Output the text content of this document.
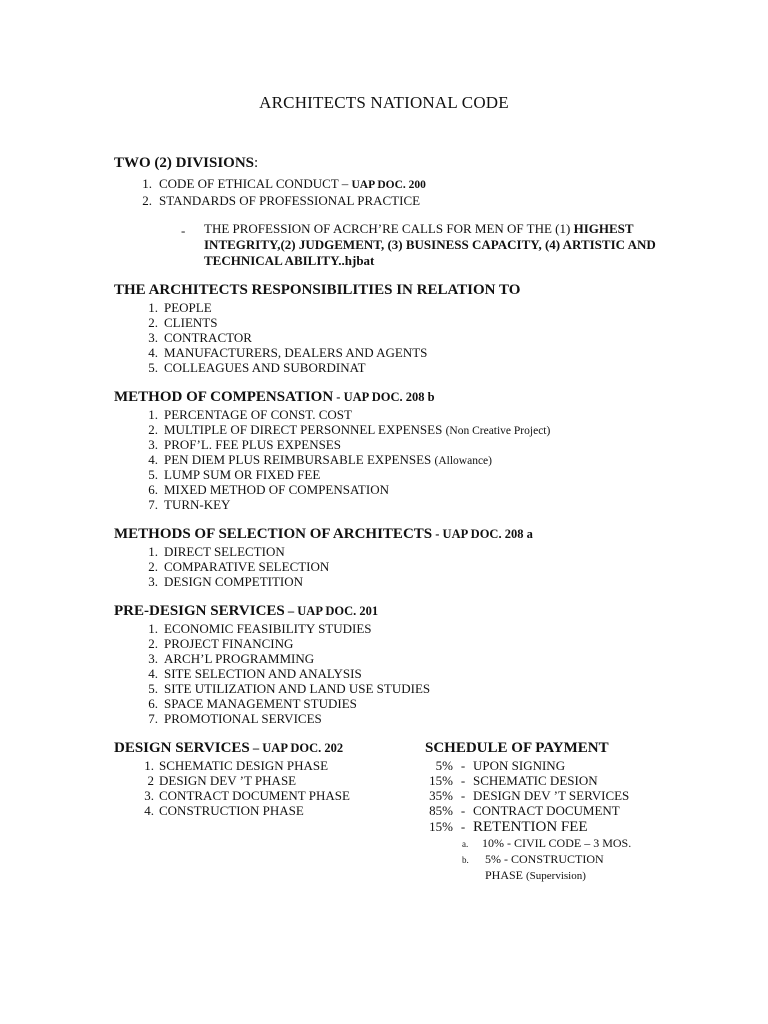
ARCHITECTS NATIONAL CODE
TWO (2) DIVISIONS:
1. CODE OF ETHICAL CONDUCT – UAP DOC. 200
2. STANDARDS OF PROFESSIONAL PRACTICE
- THE PROFESSION OF ACRCH’RE CALLS FOR MEN OF THE (1) HIGHEST
INTEGRITY,(2) JUDGEMENT, (3) BUSINESS CAPACITY, (4) ARTISTIC AND
TECHNICAL ABILITY..hjbat
THE ARCHITECTS RESPONSIBILITIES IN RELATION TO
1. PEOPLE
2. CLIENTS
3. CONTRACTOR
4. MANUFACTURERS, DEALERS AND AGENTS
5. COLLEAGUES AND SUBORDINAT
METHOD OF COMPENSATION - UAP DOC. 208 b
1. PERCENTAGE OF CONST. COST
2. MULTIPLE OF DIRECT PERSONNEL EXPENSES (Non Creative Project)
3. PROF’L. FEE PLUS EXPENSES
4. PEN DIEM PLUS REIMBURSABLE EXPENSES (Allowance)
5. LUMP SUM OR FIXED FEE
6. MIXED METHOD OF COMPENSATION
7. TURN-KEY
METHODS OF SELECTION OF ARCHITECTS - UAP DOC. 208 a
1. DIRECT SELECTION
2. COMPARATIVE SELECTION
3. DESIGN COMPETITION
PRE-DESIGN SERVICES – UAP DOC. 201
1. ECONOMIC FEASIBILITY STUDIES
2. PROJECT FINANCING
3. ARCH’L PROGRAMMING
4. SITE SELECTION AND ANALYSIS
5. SITE UTILIZATION AND LAND USE STUDIES
6. SPACE MANAGEMENT STUDIES
7. PROMOTIONAL SERVICES
DESIGN SERVICES – UAP DOC. 202
1. SCHEMATIC DESIGN PHASE
2 DESIGN DEV ’T PHASE
3. CONTRACT DOCUMENT PHASE
4. CONSTRUCTION PHASE
SCHEDULE OF PAYMENT
5% - UPON SIGNING
15% - SCHEMATIC DESION
35% - DESIGN DEV ’T SERVICES
85% - CONTRACT DOCUMENT
15% - RETENTION FEE
a. 10% - CIVIL CODE – 3 MOS.
b. 5% - CONSTRUCTION
PHASE (Supervision)
